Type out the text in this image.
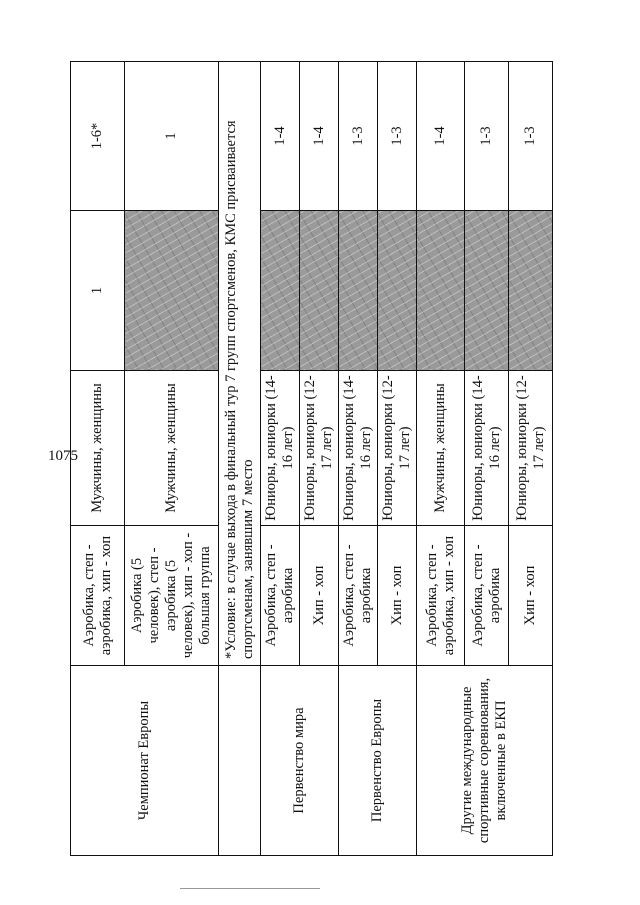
1075
Чемпионат Европы	Аэробика, степ - аэробика, хип - хоп	Мужчины, женщины	1	1-6*
	Аэробика (5 человек), степ - аэробика (5 человек), хип - хоп - большая группа	Мужчины, женщины		1
	*Условие: в случае выхода в финальный тур 7 групп спортсменов, КМС присваивается спортсменам, занявшим 7 место			
Первенство мира	Аэробика, степ - аэробика	Юниоры, юниорки (14-16 лет)		1-4
	Хип - хоп	Юниоры, юниорки (12-17 лет)		1-4
Первенство Европы	Аэробика, степ - аэробика	Юниоры, юниорки (14-16 лет)		1-3
	Хип - хоп	Юниоры, юниорки (12-17 лет)		1-3
Другие международные спортивные соревнования, включенные в ЕКП	Аэробика, степ - аэробика, хип - хоп	Мужчины, женщины		1-4
	Аэробика, степ - аэробика	Юниоры, юниорки (14-16 лет)		1-3
	Хип - хоп	Юниоры, юниорки (12-17 лет)		1-3
